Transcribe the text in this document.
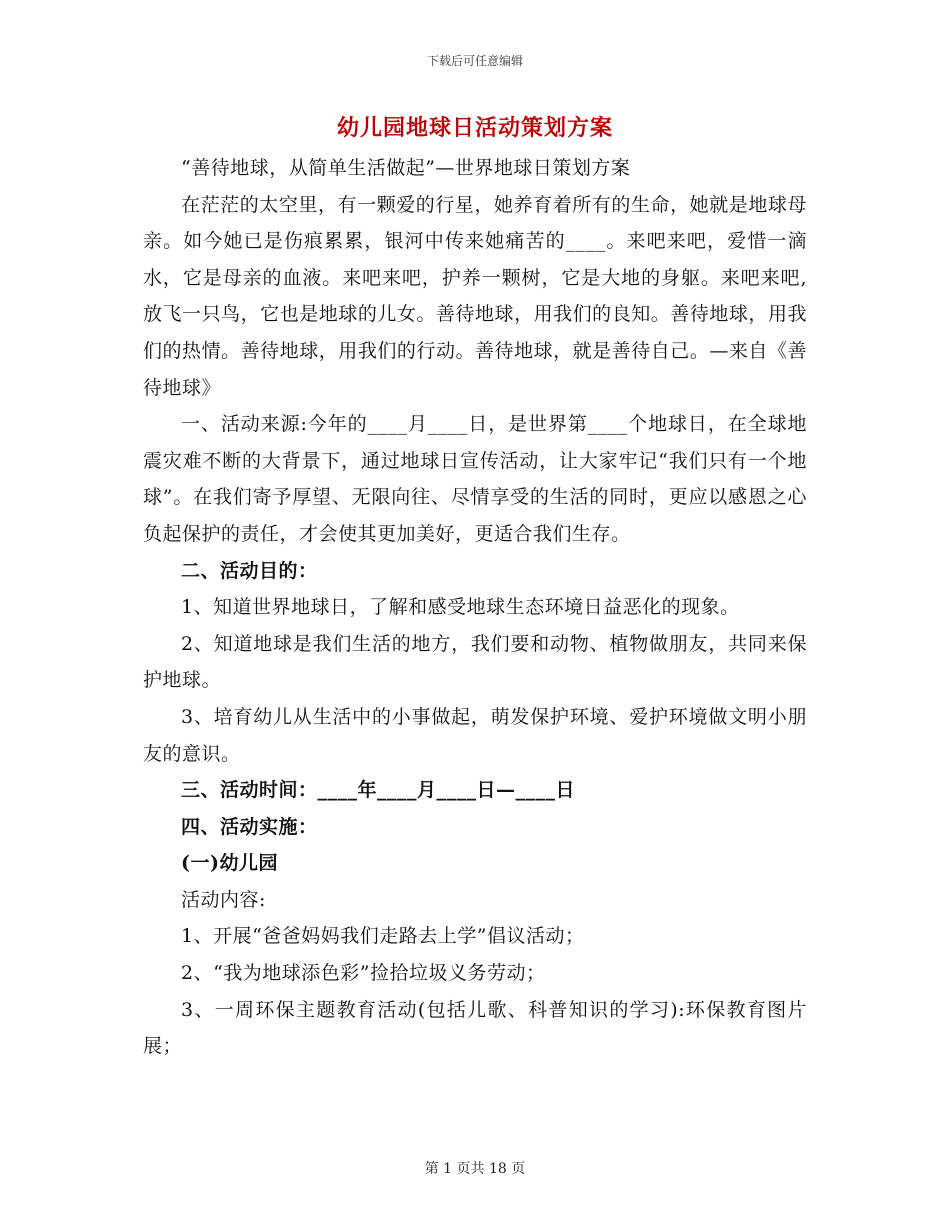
下载后可任意编辑
幼儿园地球日活动策划方案

“善待地球，从简单生活做起”—世界地球日策划方案

在茫茫的太空里，有一颗爱的行星，她养育着所有的生命，她就是地球母亲。如今她已是伤痕累累，银河中传来她痛苦的____。来吧来吧，爱惜一滴水，它是母亲的血液。来吧来吧，护养一颗树，它是大地的身躯。来吧来吧,放飞一只鸟，它也是地球的儿女。善待地球，用我们的良知。善待地球，用我们的热情。善待地球，用我们的行动。善待地球，就是善待自己。—来自《善待地球》

一、活动来源:今年的____月____日，是世界第____个地球日，在全球地震灾难不断的大背景下，通过地球日宣传活动，让大家牢记“我们只有一个地球”。在我们寄予厚望、无限向往、尽情享受的生活的同时，更应以感恩之心负起保护的责任，才会使其更加美好，更适合我们生存。

二、活动目的：

1、知道世界地球日，了解和感受地球生态环境日益恶化的现象。

2、知道地球是我们生活的地方，我们要和动物、植物做朋友，共同来保护地球。

3、培育幼儿从生活中的小事做起，萌发保护环境、爱护环境做文明小朋友的意识。

三、活动时间：____年____月____日—____日

四、活动实施：

(一)幼儿园

活动内容:

1、开展“爸爸妈妈我们走路去上学”倡议活动；

2、“我为地球添色彩”捡拾垃圾义务劳动；

3、一周环保主题教育活动(包括儿歌、科普知识的学习):环保教育图片展；

第 1 页共 18 页
